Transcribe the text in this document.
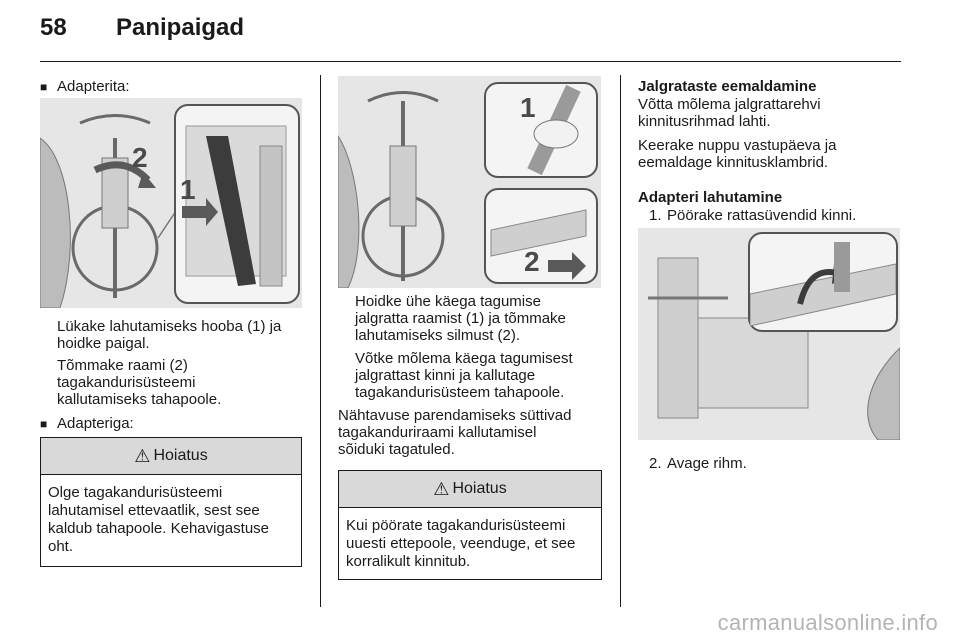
58 Panipaigad
■ Adapterita:
2
1
Lükake lahutamiseks hooba (1) ja
hoidke paigal.
Tõmmake raami (2)
tagakandurisüsteemi
kallutamiseks tahapoole.
■ Adapteriga:
⚠ Hoiatus
Olge tagakandurisüsteemi
lahutamisel ettevaatlik, sest see
kaldub tahapoole. Kehavigastuse
oht.
1
2
Hoidke ühe käega tagumise
jalgratta raamist (1) ja tõmmake
lahutamiseks silmust (2).
Võtke mõlema käega tagumisest
jalgrattast kinni ja kallutage
tagakandurisüsteem tahapoole.
Nähtavuse parendamiseks süttivad
tagakanduriraami kallutamisel
sõiduki tagatuled.
⚠ Hoiatus
Kui pöörate tagakandurisüsteemi
uuesti ettepoole, veenduge, et see
korralikult kinnitub.
Jalgrataste eemaldamine
Võtta mõlema jalgrattarehvi
kinnitusrihmad lahti.
Keerake nuppu vastupäeva ja
eemaldage kinnitusklambrid.
Adapteri lahutamine
1. Pöörake rattasüvendid kinni.
2. Avage rihm.
carmanualsonline.info
